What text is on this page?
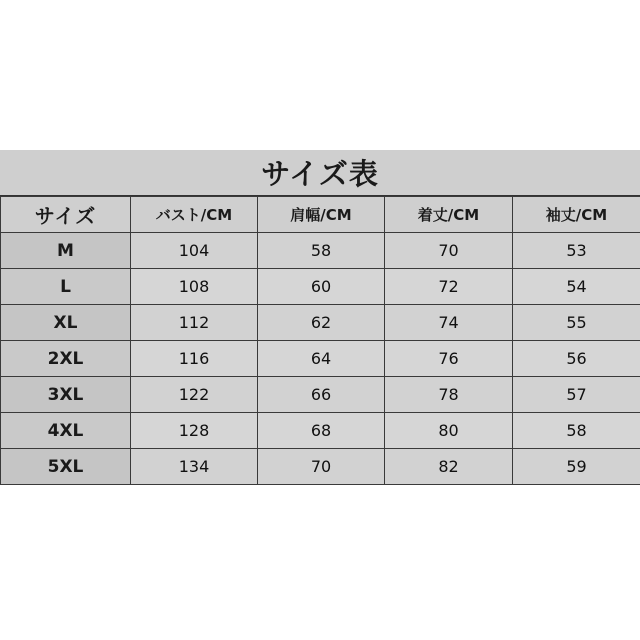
サイズ表
サイズ	バスト/CM	肩幅/CM	着丈/CM	袖丈/CM
M	104	58	70	53
L	108	60	72	54
XL	112	62	74	55
2XL	116	64	76	56
3XL	122	66	78	57
4XL	128	68	80	58
5XL	134	70	82	59
